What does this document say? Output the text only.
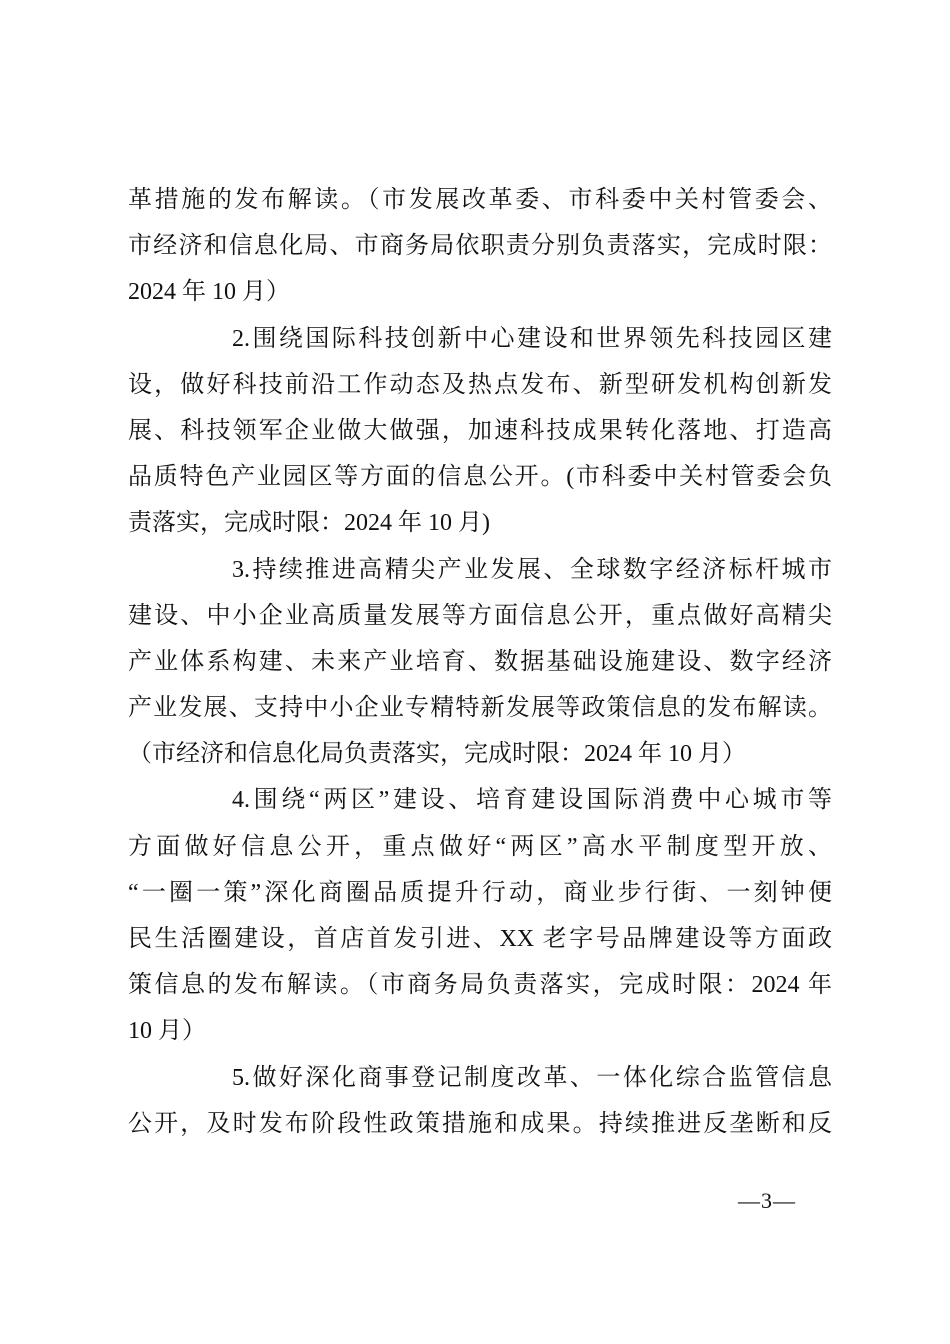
革措施的发布解读。（市发展改革委、市科委中关村管委会、
市经济和信息化局、市商务局依职责分别负责落实，完成时限：
2024 年 10 月）
2.围绕国际科技创新中心建设和世界领先科技园区建
设，做好科技前沿工作动态及热点发布、新型研发机构创新发
展、科技领军企业做大做强，加速科技成果转化落地、打造高
品质特色产业园区等方面的信息公开。(市科委中关村管委会负
责落实，完成时限：2024 年 10 月)
3.持续推进高精尖产业发展、全球数字经济标杆城市
建设、中小企业高质量发展等方面信息公开，重点做好高精尖
产业体系构建、未来产业培育、数据基础设施建设、数字经济
产业发展、支持中小企业专精特新发展等政策信息的发布解读。
（市经济和信息化局负责落实，完成时限：2024 年 10 月）
4.围绕“两区”建设、培育建设国际消费中心城市等
方面做好信息公开，重点做好“两区”高水平制度型开放、
“一圈一策”深化商圈品质提升行动，商业步行街、一刻钟便
民生活圈建设，首店首发引进、XX 老字号品牌建设等方面政
策信息的发布解读。（市商务局负责落实，完成时限：2024 年
10 月）
5.做好深化商事登记制度改革、一体化综合监管信息
公开，及时发布阶段性政策措施和成果。持续推进反垄断和反
—3—
